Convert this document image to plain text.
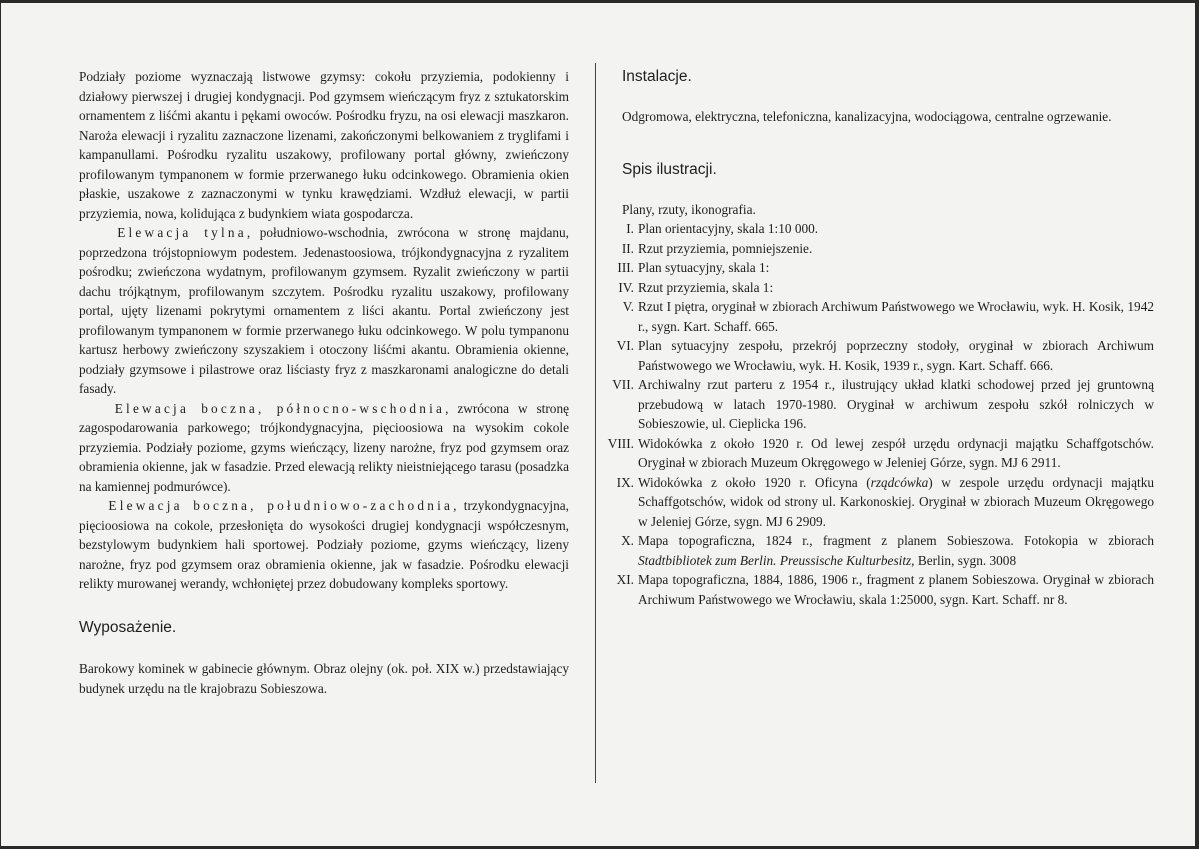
Podziały poziome wyznaczają listwowe gzymsy: cokołu przyziemia, podokienny i działowy pierwszej i drugiej kondygnacji. Pod gzymsem wieńczącym fryz z sztukatorskim ornamentem z liśćmi akantu i pękami owoców. Pośrodku fryzu, na osi elewacji maszkaron. Naroża elewacji i ryzalitu zaznaczone lizenami, zakończonymi belkowaniem z tryglifami i kampanullami. Pośrodku ryzalitu uszakowy, profilowany portal główny, zwieńczony profilowanym tympanonem w formie przerwanego łuku odcinkowego. Obramienia okien płaskie, uszakowe z zaznaczonymi w tynku krawędziami. Wzdłuż elewacji, w partii przyziemia, nowa, kolidująca z budynkiem wiata gospodarcza.

Elewacja tylna, południowo-wschodnia, zwrócona w stronę majdanu, poprzedzona trójstopniowym podestem. Jedenastoosiowa, trójkondygnacyjna z ryzalitem pośrodku; zwieńczona wydatnym, profilowanym gzymsem. Ryzalit zwieńczony w partii dachu trójkątnym, profilowanym szczytem. Pośrodku ryzalitu uszakowy, profilowany portal, ujęty lizenami pokrytymi ornamentem z liści akantu. Portal zwieńczony jest profilowanym tympanonem w formie przerwanego łuku odcinkowego. W polu tympanonu kartusz herbowy zwieńczony szyszakiem i otoczony liśćmi akantu. Obramienia okienne, podziały gzymsowe i pilastrowe oraz liściasty fryz z maszkaronami analogiczne do detali fasady.

Elewacja boczna, północno-wschodnia, zwrócona w stronę zagospodarowania parkowego; trójkondygnacyjna, pięcioosiowa na wysokim cokole przyziemia. Podziały poziome, gzyms wieńczący, lizeny narożne, fryz pod gzymsem oraz obramienia okienne, jak w fasadzie. Przed elewacją relikty nieistniejącego tarasu (posadzka na kamiennej podmurówce).

Elewacja boczna, południowo-zachodnia, trzykondygnacyjna, pięcioosiowa na cokole, przesłonięta do wysokości drugiej kondygnacji współczesnym, bezstylowym budynkiem hali sportowej. Podziały poziome, gzyms wieńczący, lizeny narożne, fryz pod gzymsem oraz obramienia okienne, jak w fasadzie. Pośrodku elewacji relikty murowanej werandy, wchłoniętej przez dobudowany kompleks sportowy.

Wyposażenie.

Barokowy kominek w gabinecie głównym. Obraz olejny (ok. poł. XIX w.) przedstawiający budynek urzędu na tle krajobrazu Sobieszowa.

Instalacje.

Odgromowa, elektryczna, telefoniczna, kanalizacyjna, wodociągowa, centralne ogrzewanie.

Spis ilustracji.

Plany, rzuty, ikonografia.

I. Plan orientacyjny, skala 1:10 000.
II. Rzut przyziemia, pomniejszenie.
III. Plan sytuacyjny, skala 1:
IV. Rzut przyziemia, skala 1:
V. Rzut I piętra, oryginał w zbiorach Archiwum Państwowego we Wrocławiu, wyk. H. Kosik, 1942 r., sygn. Kart. Schaff. 665.
VI. Plan sytuacyjny zespołu, przekrój poprzeczny stodoły, oryginał w zbiorach Archiwum Państwowego we Wrocławiu, wyk. H. Kosik, 1939 r., sygn. Kart. Schaff. 666.
VII. Archiwalny rzut parteru z 1954 r., ilustrujący układ klatki schodowej przed jej gruntowną przebudową w latach 1970-1980. Oryginał w archiwum zespołu szkół rolniczych w Sobieszowie, ul. Cieplicka 196.
VIII. Widokówka z około 1920 r. Od lewej zespół urzędu ordynacji majątku Schaffgotschów. Oryginał w zbiorach Muzeum Okręgowego w Jeleniej Górze, sygn. MJ 6 2911.
IX. Widokówka z około 1920 r. Oficyna (rządcówka) w zespole urzędu ordynacji majątku Schaffgotschów, widok od strony ul. Karkonoskiej. Oryginał w zbiorach Muzeum Okręgowego w Jeleniej Górze, sygn. MJ 6 2909.
X. Mapa topograficzna, 1824 r., fragment z planem Sobieszowa. Fotokopia w zbiorach Stadtbibliotek zum Berlin. Preussische Kulturbesitz, Berlin, sygn. 3008
XI. Mapa topograficzna, 1884, 1886, 1906 r., fragment z planem Sobieszowa. Oryginał w zbiorach Archiwum Państwowego we Wrocławiu, skala 1:25000, sygn. Kart. Schaff. nr 8.
